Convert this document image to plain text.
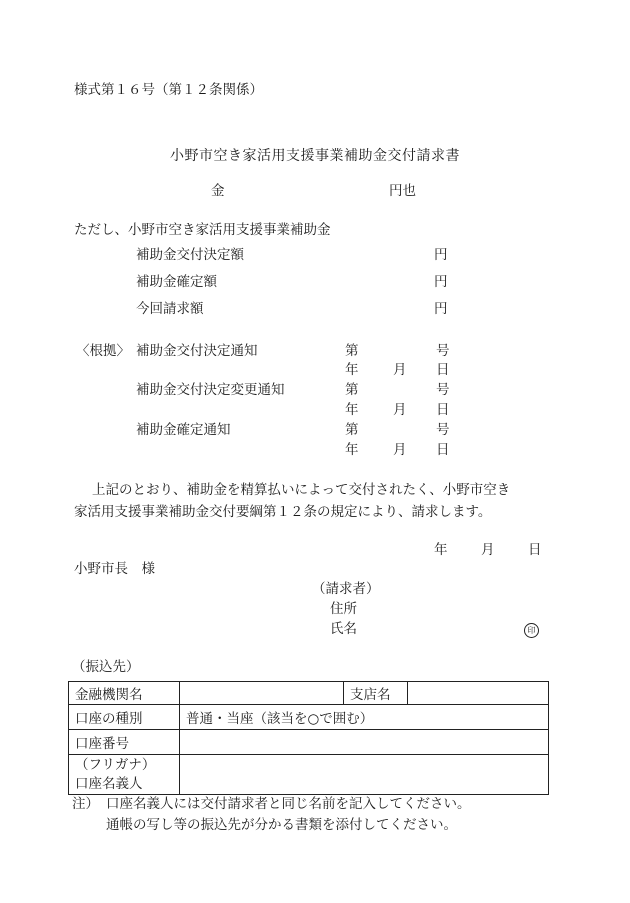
様式第１６号（第１２条関係）
小野市空き家活用支援事業補助金交付請求書
金	円也
ただし、小野市空き家活用支援事業補助金
補助金交付決定額	円
補助金確定額	円
今回請求額	円
〈根拠〉 補助金交付決定通知	第	号
年	月 日
補助金交付決定変更通知	第	号
年	月 日
補助金確定通知	第	号
年	月 日
上記のとおり、補助金を精算払いによって交付されたく、小野市空き
家活用支援事業補助金交付要綱第１２条の規定により、請求します。
年 月 日
小野市長　様
（請求者）
住所
氏名	印
（振込先）
金融機関名		支店名	
口座の種別	普通・当座（該当を○で囲む）		
口座番号			

（フリガナ）
口座名義人			

注） 口座名義人には交付請求者と同じ名前を記入してください。
通帳の写し等の振込先が分かる書類を添付してください。
